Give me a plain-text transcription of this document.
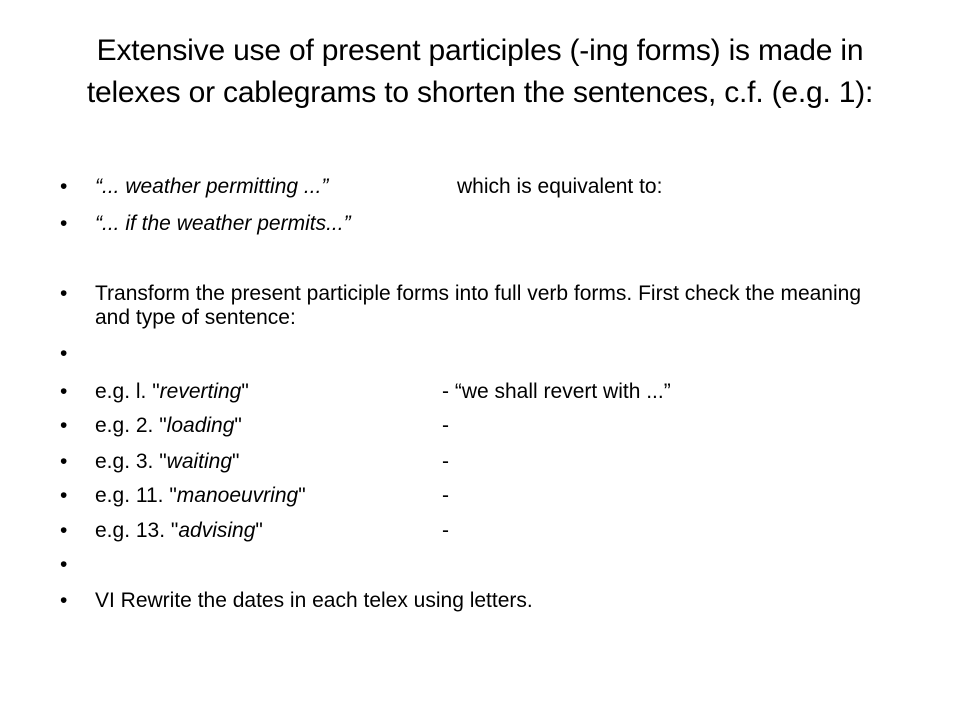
Extensive use of present participles (-ing forms) is made in telexes or cablegrams to shorten the sentences, c.f. (e.g. 1):
• “... weather permitting ...”	which is equivalent to:
• “... if the weather permits...”
• Transform the present participle forms into full verb forms. First check the meaning and type of sentence:
•
• e.g. l. "reverting"	- “we shall revert with ...”
• e.g. 2. "loading"	-
• e.g. 3. "waiting"	-
• e.g. 11. "manoeuvring"	-
• e.g. 13. "advising"	-
•
• VI Rewrite the dates in each telex using letters.
